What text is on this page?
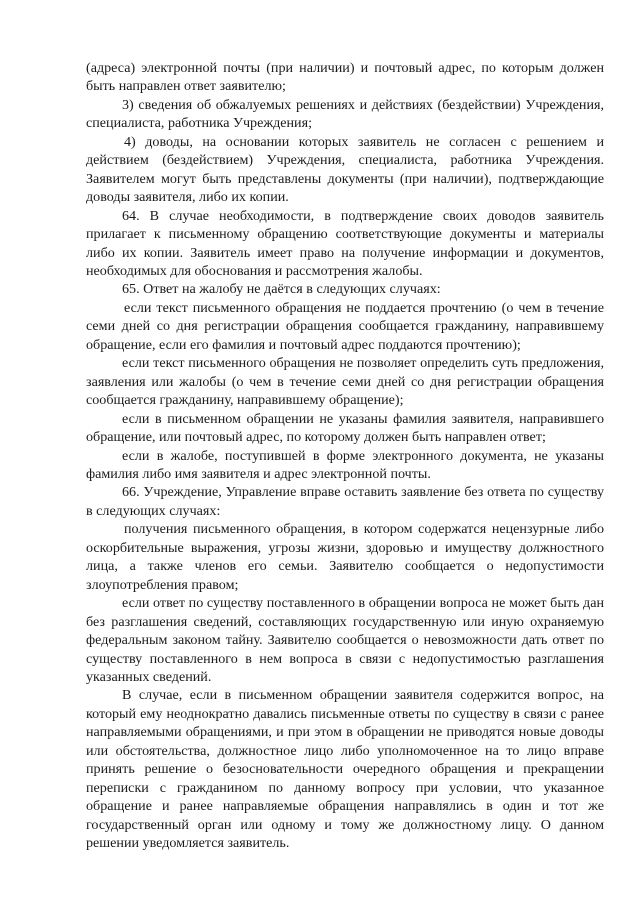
(адреса) электронной почты (при наличии) и почтовый адрес, по которым должен быть направлен ответ заявителю;

3) сведения об обжалуемых решениях и действиях (бездействии) Учреждения, специалиста, работника Учреждения;

4) доводы, на основании которых заявитель не согласен с решением и действием (бездействием) Учреждения, специалиста, работника Учреждения. Заявителем могут быть представлены документы (при наличии), подтверждающие доводы заявителя, либо их копии.

64. В случае необходимости, в подтверждение своих доводов заявитель прилагает к письменному обращению соответствующие документы и материалы либо их копии. Заявитель имеет право на получение информации и документов, необходимых для обоснования и рассмотрения жалобы.

65. Ответ на жалобу не даётся в следующих случаях:

если текст письменного обращения не поддается прочтению (о чем в течение семи дней со дня регистрации обращения сообщается гражданину, направившему обращение, если его фамилия и почтовый адрес поддаются прочтению);

если текст письменного обращения не позволяет определить суть предложения, заявления или жалобы (о чем в течение семи дней со дня регистрации обращения сообщается гражданину, направившему обращение);

если в письменном обращении не указаны фамилия заявителя, направившего обращение, или почтовый адрес, по которому должен быть направлен ответ;

если в жалобе, поступившей в форме электронного документа, не указаны фамилия либо имя заявителя и адрес электронной почты.

66. Учреждение, Управление вправе оставить заявление без ответа по существу в следующих случаях:

получения письменного обращения, в котором содержатся нецензурные либо оскорбительные выражения, угрозы жизни, здоровью и имуществу должностного лица, а также членов его семьи. Заявителю сообщается о недопустимости злоупотребления правом;

если ответ по существу поставленного в обращении вопроса не может быть дан без разглашения сведений, составляющих государственную или иную охраняемую федеральным законом тайну. Заявителю сообщается о невозможности дать ответ по существу поставленного в нем вопроса в связи с недопустимостью разглашения указанных сведений.

В случае, если в письменном обращении заявителя содержится вопрос, на который ему неоднократно давались письменные ответы по существу в связи с ранее направляемыми обращениями, и при этом в обращении не приводятся новые доводы или обстоятельства, должностное лицо либо уполномоченное на то лицо вправе принять решение о безосновательности очередного обращения и прекращении переписки с гражданином по данному вопросу при условии, что указанное обращение и ранее направляемые обращения направлялись в один и тот же государственный орган или одному и тому же должностному лицу. О данном решении уведомляется заявитель.
